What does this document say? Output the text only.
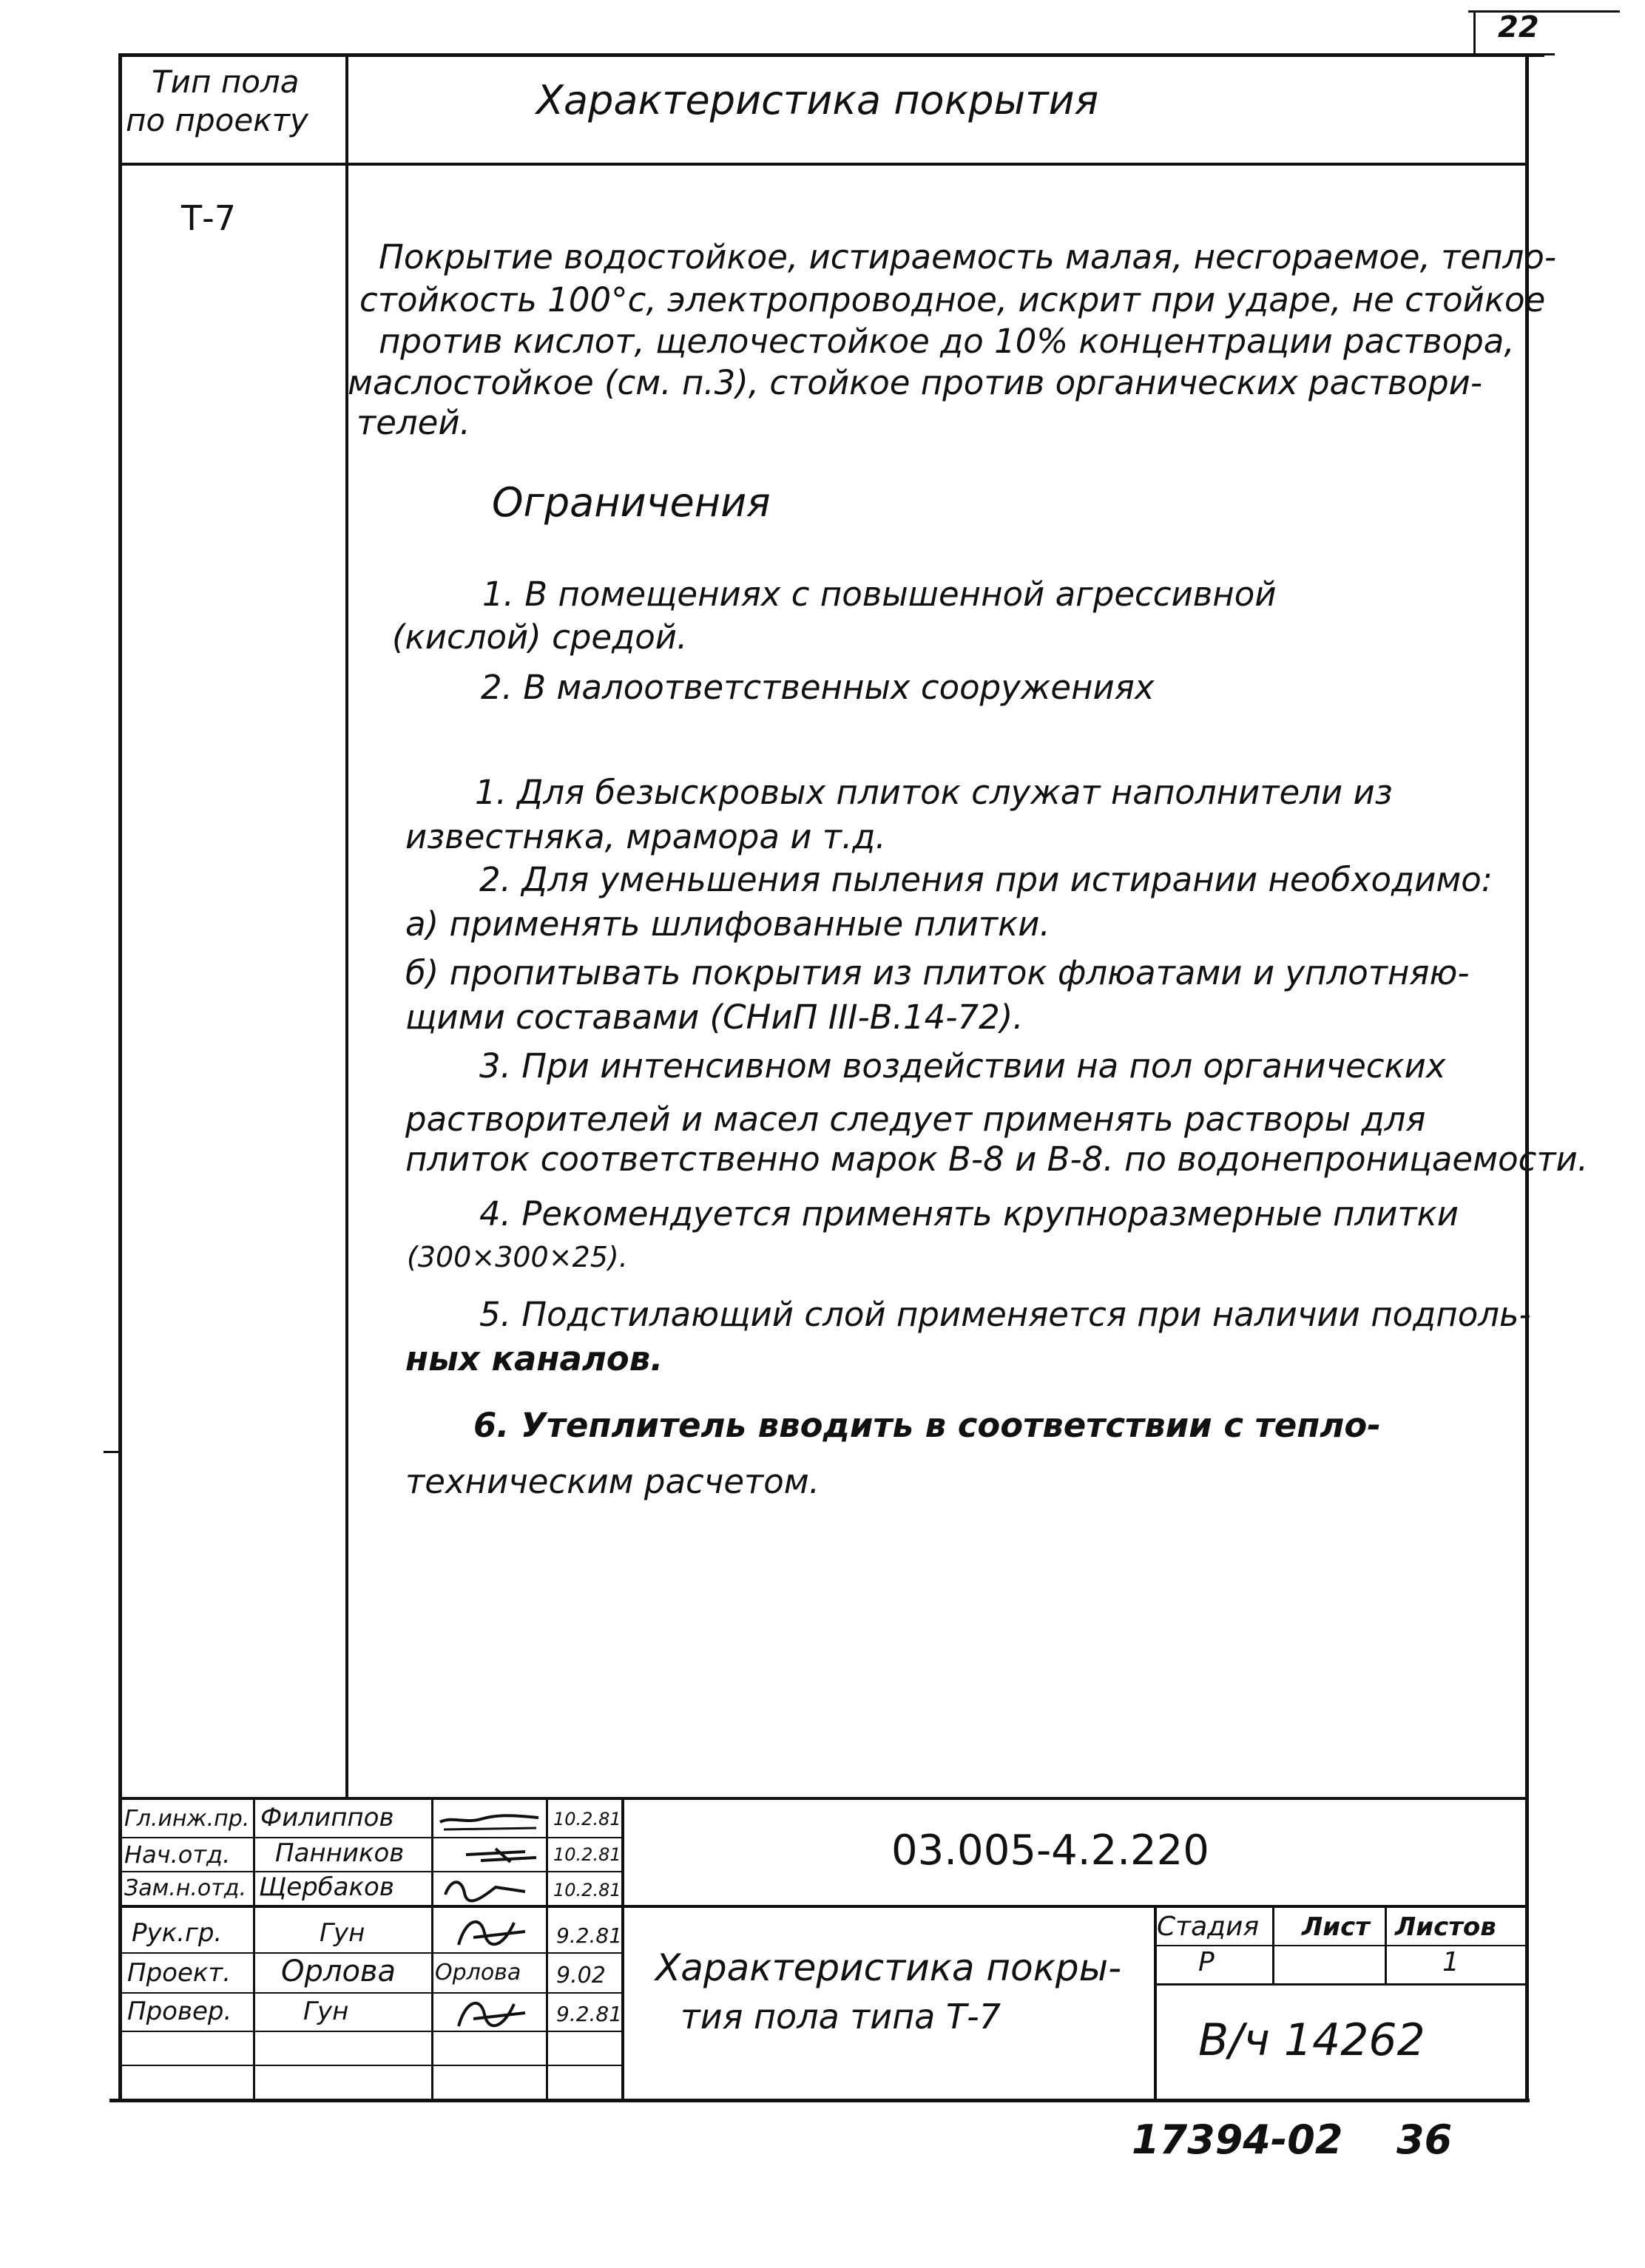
22
Тип пола
по проекту	Характеристика покрытия
Т-7
Покрытие водостойкое, истираемость малая, несгораемое, тепло-
стойкость 100°с, электропроводное, искрит при ударе, не стойкое
против кислот, щелочестойкое до 10% концентрации раствора,
маслостойкое (см. п.3), стойкое против органических раствори-
телей.
Ограничения
1. В помещениях с повышенной агрессивной
(кислой) средой.
2. В малоответственных сооружениях
1. Для безыскровых плиток служат наполнители из
известняка, мрамора и т.д.
2. Для уменьшения пыления при истирании необходимо:
а) применять шлифованные плитки.
б) пропитывать покрытия из плиток флюатами и уплотняю-
щими составами (СНиП III-В.14-72).
3. При интенсивном воздействии на пол органических
растворителей и масел следует применять растворы для
плиток соответственно марок В-8 и В-8. по водонепроницаемости.
4. Рекомендуется применять крупноразмерные плитки
(300×300×25).
5. Подстилающий слой применяется при наличии подполь-
ных каналов.
6. Утеплитель вводить в соответствии с тепло-
техническим расчетом.
Гл.инж.пр.
Нач.отд.
Зам.н.отд.
Рук.гр.
Проект.
Провер.
Филиппов
Панников
Щербаков
Гун
Орлова
Гун
Орлова
10.2.81
10.2.81
10.2.81
9.2.81
9.02
9.2.81
03.005-4.2.220
Характеристика покры-
тия пола типа Т-7
Стадия Лист Листов
Р	1
В/ч 14262
17394-02 36
